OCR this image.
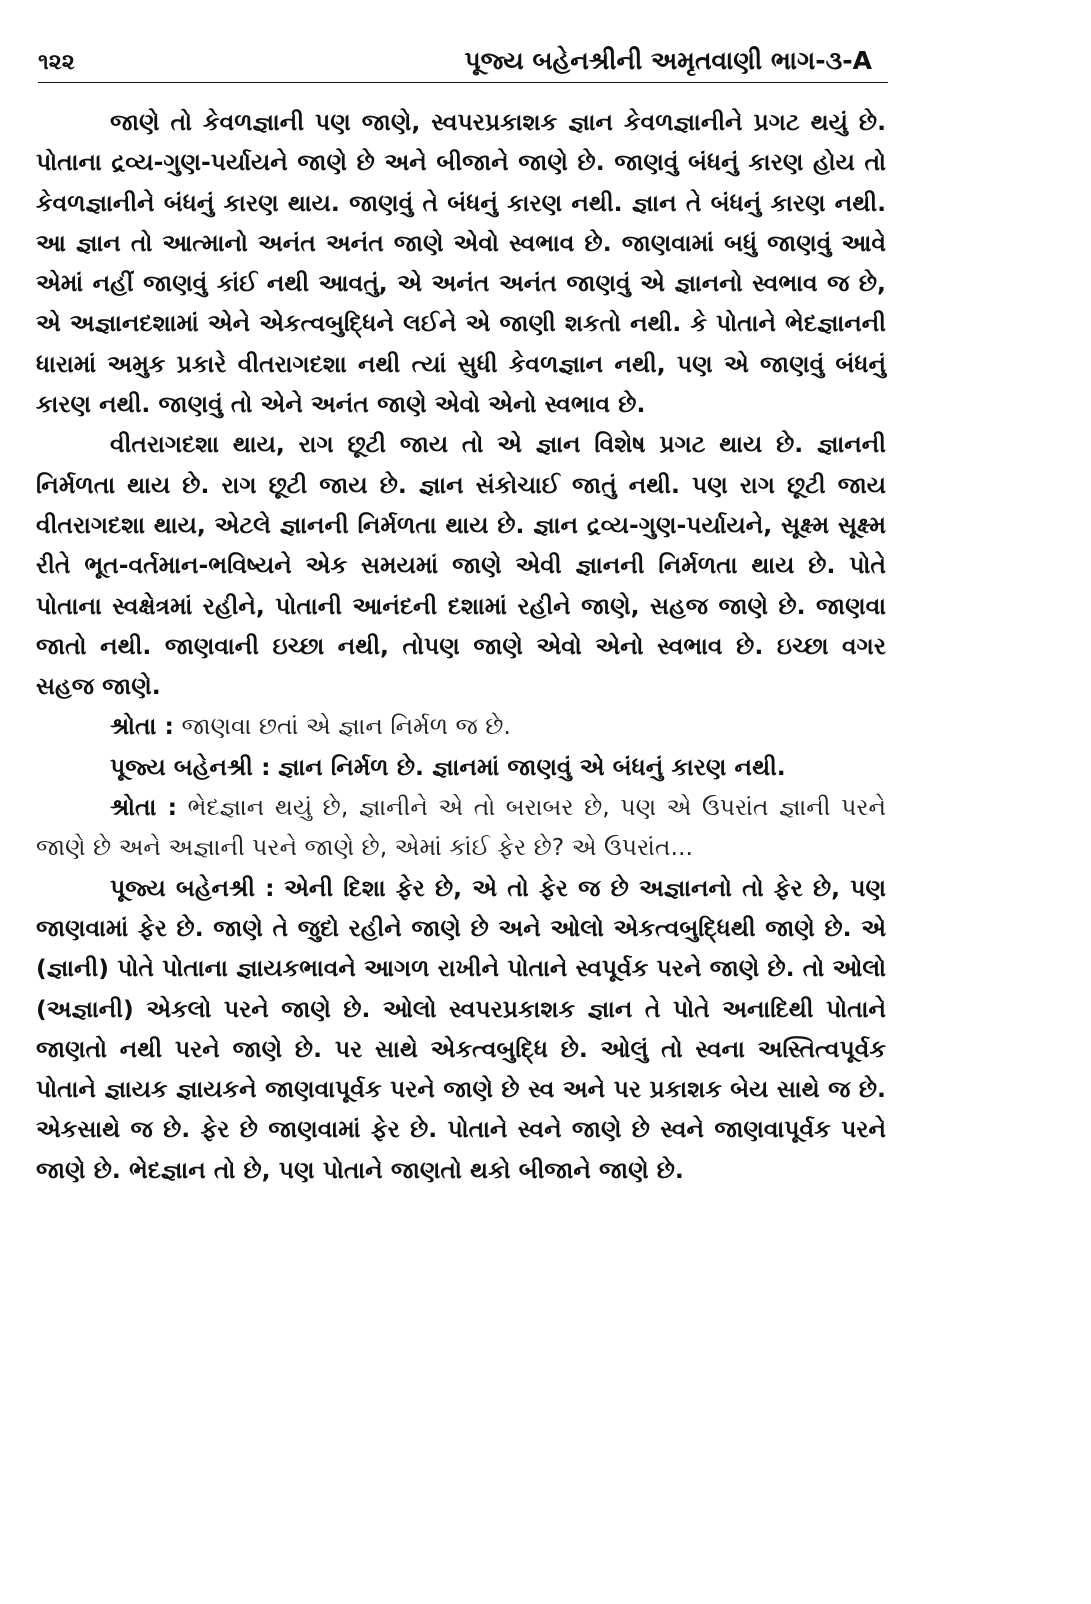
૧૨૨	પૂજ્ય બહેનશ્રીની અમૃતવાણી ભાગ-૩-A

જાણે તો કેવળજ્ઞાની પણ જાણે, સ્વપરપ્રકાશક જ્ઞાન કેવળજ્ઞાનીને પ્રગટ થયું છે. પોતાના દ્રવ્ય-ગુણ-પર્યાયને જાણે છે અને બીજાને જાણે છે. જાણવું બંધનું કારણ હોય તો કેવળજ્ઞાનીને બંધનું કારણ થાય. જાણવું તે બંધનું કારણ નથી. જ્ઞાન તે બંધનું કારણ નથી. આ જ્ઞાન તો આત્માનો અનંત અનંત જાણે એવો સ્વભાવ છે. જાણવામાં બધું જાણવું આવે એમાં નહીં જાણવું કાંઈ નથી આવતું, એ અનંત અનંત જાણવું એ જ્ઞાનનો સ્વભાવ જ છે, એ અજ્ઞાનદશામાં એને એકત્વબુદ્ધિને લઈને એ જાણી શકતો નથી. કે પોતાને ભેદજ્ઞાનની ધારામાં અમુક પ્રકારે વીતરાગદશા નથી ત્યાં સુધી કેવળજ્ઞાન નથી, પણ એ જાણવું બંધનું કારણ નથી. જાણવું તો એને અનંત જાણે એવો એનો સ્વભાવ છે.

વીતરાગદશા થાય, રાગ છૂટી જાય તો એ જ્ઞાન વિશેષ પ્રગટ થાય છે. જ્ઞાનની નિર્મળતા થાય છે. રાગ છૂટી જાય છે. જ્ઞાન સંકોચાઈ જાતું નથી. પણ રાગ છૂટી જાય વીતરાગદશા થાય, એટલે જ્ઞાનની નિર્મળતા થાય છે. જ્ઞાન દ્રવ્ય-ગુણ-પર્યાયને, સૂક્ષ્મ સૂક્ષ્મ રીતે ભૂત-વર્તમાન-ભવિષ્યને એક સમયમાં જાણે એવી જ્ઞાનની નિર્મળતા થાય છે. પોતે પોતાના સ્વક્ષેત્રમાં રહીને, પોતાની આનંદની દશામાં રહીને જાણે, સહજ જાણે છે. જાણવા જાતો નથી. જાણવાની ઇચ્છા નથી, તોપણ જાણે એવો એનો સ્વભાવ છે. ઇચ્છા વગર સહજ જાણે.

શ્રોતા : જાણવા છતાં એ જ્ઞાન નિર્મળ જ છે.

પૂજ્ય બહેનશ્રી : જ્ઞાન નિર્મળ છે. જ્ઞાનમાં જાણવું એ બંધનું કારણ નથી.

શ્રોતા : ભેદજ્ઞાન થયું છે, જ્ઞાનીને એ તો બરાબર છે, પણ એ ઉપરાંત જ્ઞાની પરને જાણે છે અને અજ્ઞાની પરને જાણે છે, એમાં કાંઈ ફેર છે? એ ઉપરાંત...

પૂજ્ય બહેનશ્રી : એની દિશા ફેર છે, એ તો ફેર જ છે અજ્ઞાનનો તો ફેર છે, પણ જાણવામાં ફેર છે. જાણે તે જુદો રહીને જાણે છે અને ઓલો એકત્વબુદ્ધિથી જાણે છે. એ (જ્ઞાની) પોતે પોતાના જ્ઞાયકભાવને આગળ રાખીને પોતાને સ્વપૂર્વક પરને જાણે છે. તો ઓલો (અજ્ઞાની) એકલો પરને જાણે છે. ઓલો સ્વપરપ્રકાશક જ્ઞાન તે પોતે અનાદિથી પોતાને જાણતો નથી પરને જાણે છે. પર સાથે એકત્વબુદ્ધિ છે. ઓલું તો સ્વના અસ્તિત્વપૂર્વક પોતાને જ્ઞાયક જ્ઞાયકને જાણવાપૂર્વક પરને જાણે છે સ્વ અને પર પ્રકાશક બેય સાથે જ છે. એકસાથે જ છે. ફેર છે જાણવામાં ફેર છે. પોતાને સ્વને જાણે છે સ્વને જાણવાપૂર્વક પરને જાણે છે. ભેદજ્ઞાન તો છે, પણ પોતાને જાણતો થકો બીજાને જાણે છે.
